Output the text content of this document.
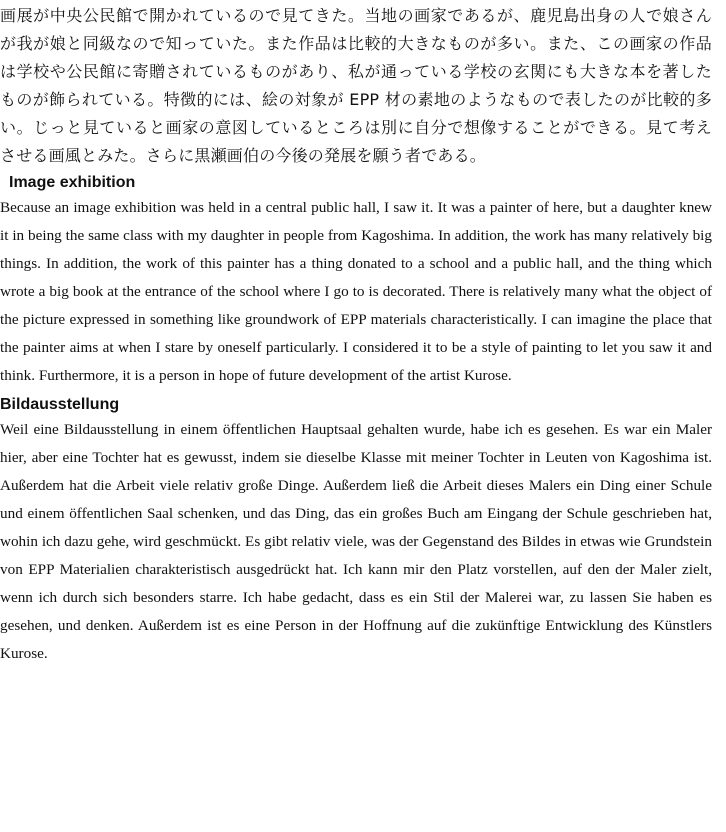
画展が中央公民館で開かれているので見てきた。当地の画家であるが、鹿児島出身の人で娘さんが我が娘と同級なので知っていた。また作品は比較的大きなものが多い。また、この画家の作品は学校や公民館に寄贈されているものがあり、私が通っている学校の玄関にも大きな本を著したものが飾られている。特徴的には、絵の対象が EPP 材の素地のようなもので表したのが比較的多い。じっと見ていると画家の意図しているところは別に自分で想像することができる。見て考えさせる画風とみた。さらに黒瀬画伯の今後の発展を願う者である。

Image exhibition

Because an image exhibition was held in a central public hall, I saw it. It was a painter of here, but a daughter knew it in being the same class with my daughter in people from Kagoshima. In addition, the work has many relatively big things. In addition, the work of this painter has a thing donated to a school and a public hall, and the thing which wrote a big book at the entrance of the school where I go to is decorated. There is relatively many what the object of the picture expressed in something like groundwork of EPP materials characteristically. I can imagine the place that the painter aims at when I stare by oneself particularly. I considered it to be a style of painting to let you saw it and think. Furthermore, it is a person in hope of future development of the artist Kurose.

Bildausstellung

Weil eine Bildausstellung in einem öffentlichen Hauptsaal gehalten wurde, habe ich es gesehen. Es war ein Maler hier, aber eine Tochter hat es gewusst, indem sie dieselbe Klasse mit meiner Tochter in Leuten von Kagoshima ist. Außerdem hat die Arbeit viele relativ große Dinge. Außerdem ließ die Arbeit dieses Malers ein Ding einer Schule und einem öffentlichen Saal schenken, und das Ding, das ein großes Buch am Eingang der Schule geschrieben hat, wohin ich dazu gehe, wird geschmückt. Es gibt relativ viele, was der Gegenstand des Bildes in etwas wie Grundstein von EPP Materialien charakteristisch ausgedrückt hat. Ich kann mir den Platz vorstellen, auf den der Maler zielt, wenn ich durch sich besonders starre. Ich habe gedacht, dass es ein Stil der Malerei war, zu lassen Sie haben es gesehen, und denken. Außerdem ist es eine Person in der Hoffnung auf die zukünftige Entwicklung des Künstlers Kurose.
